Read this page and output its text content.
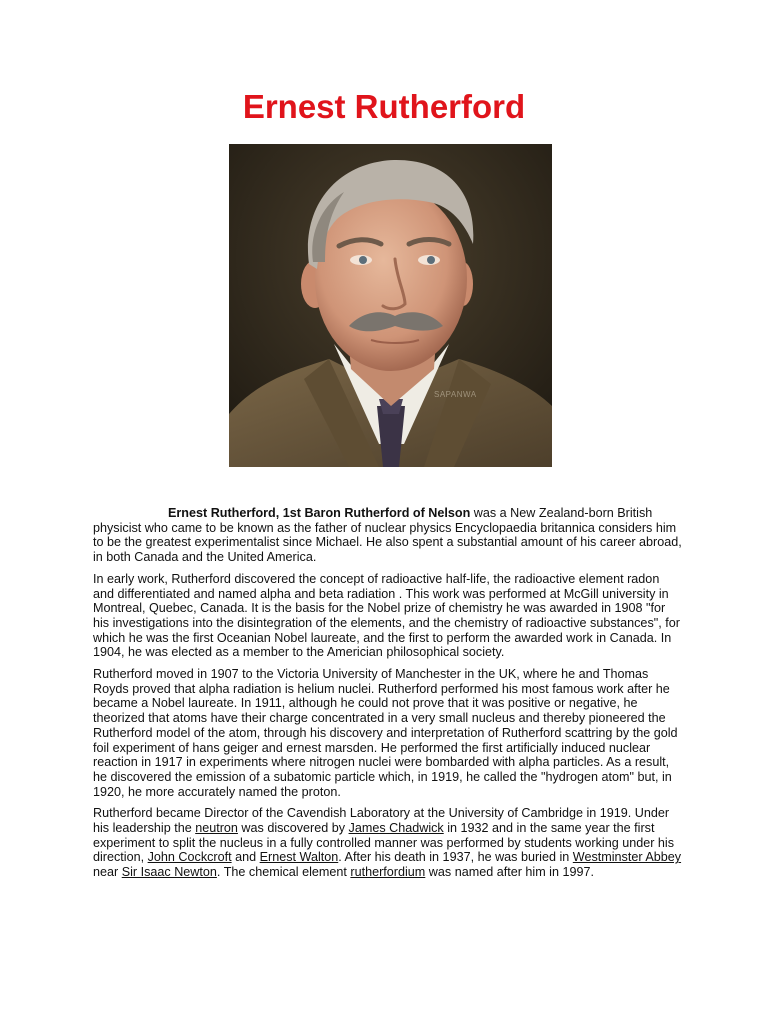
Ernest Rutherford
SAPANWA

Ernest Rutherford, 1st Baron Rutherford of Nelson was a New Zealand-born British physicist who came to be known as the father of nuclear physics Encyclopaedia britannica considers him to be the greatest experimentalist since Michael. He also spent a substantial amount of his career abroad, in both Canada and the United America.

In early work, Rutherford discovered the concept of radioactive half-life, the radioactive element radon and differentiated and named alpha and beta radiation . This work was performed at McGill university in Montreal, Quebec, Canada. It is the basis for the Nobel prize of chemistry he was awarded in 1908 "for his investigations into the disintegration of the elements, and the chemistry of radioactive substances", for which he was the first Oceanian Nobel laureate, and the first to perform the awarded work in Canada. In 1904, he was elected as a member to the Americian philosophical society.

Rutherford moved in 1907 to the Victoria University of Manchester in the UK, where he and Thomas Royds proved that alpha radiation is helium nuclei. Rutherford performed his most famous work after he became a Nobel laureate. In 1911, although he could not prove that it was positive or negative, he theorized that atoms have their charge concentrated in a very small nucleus and thereby pioneered the Rutherford model of the atom, through his discovery and interpretation of Rutherford scattring by the gold foil experiment of hans geiger and ernest marsden. He performed the first artificially induced nuclear reaction in 1917 in experiments where nitrogen nuclei were bombarded with alpha particles. As a result, he discovered the emission of a subatomic particle which, in 1919, he called the "hydrogen atom" but, in 1920, he more accurately named the proton.

Rutherford became Director of the Cavendish Laboratory at the University of Cambridge in 1919. Under his leadership the neutron was discovered by James Chadwick in 1932 and in the same year the first experiment to split the nucleus in a fully controlled manner was performed by students working under his direction, John Cockcroft and Ernest Walton. After his death in 1937, he was buried in Westminster Abbey near Sir Isaac Newton. The chemical element rutherfordium was named after him in 1997.
